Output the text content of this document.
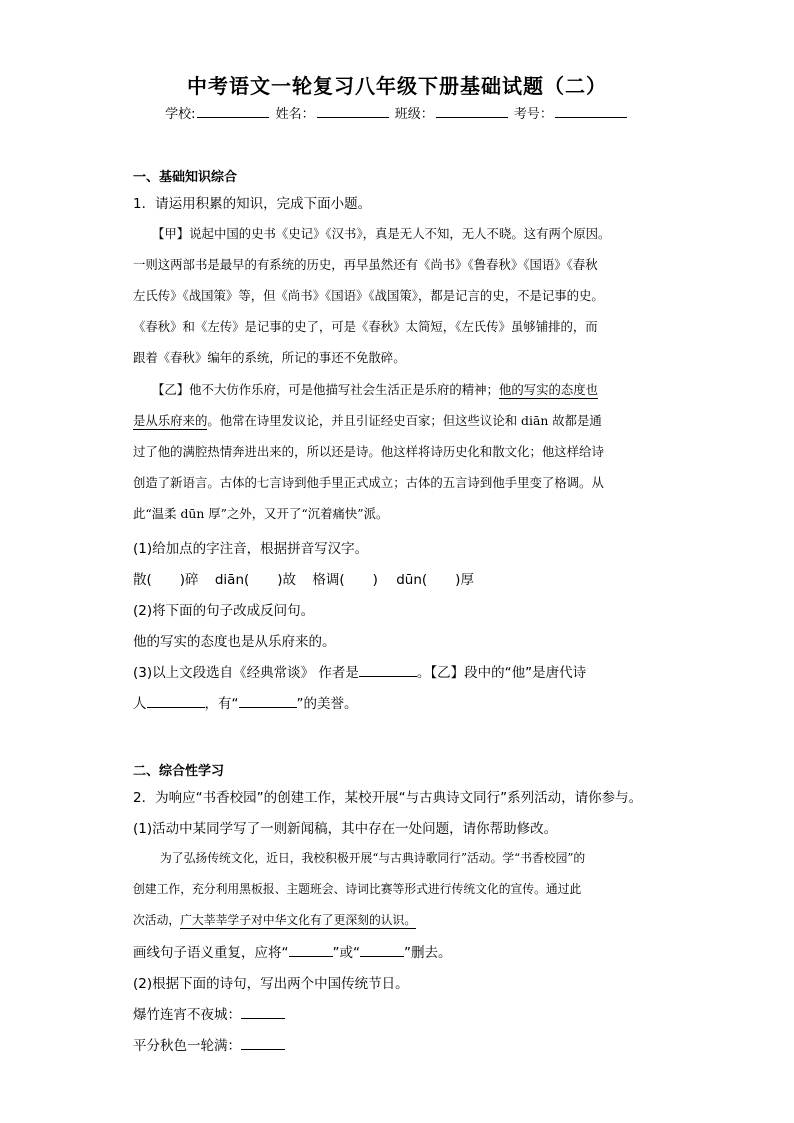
中考语文一轮复习八年级下册基础试题（二）
学校:	姓名：	班级：	考号：
一、基础知识综合
1．请运用积累的知识，完成下面小题。
【甲】说起中国的史书《史记》《汉书》，真是无人不知，无人不晓。这有两个原因。
一则这两部书是最早的有系统的历史，再早虽然还有《尚书》《鲁春秋》《国语》《春秋
左氏传》《战国策》等，但《尚书》《国语》《战国策》，都是记言的史，不是记事的史。
《春秋》和《左传》是记事的史了，可是《春秋》太简短，《左氏传》虽够铺排的，而
跟着《春秋》编年的系统，所记的事还不免散碎。
【乙】他不大仿作乐府，可是他描写社会生活正是乐府的精神；他的写实的态度也
是从乐府来的。他常在诗里发议论，并且引证经史百家；但这些议论和 diān 故都是通
过了他的满腔热情奔进出来的，所以还是诗。他这样将诗历史化和散文化；他这样给诗
创造了新语言。古体的七言诗到他手里正式成立；古体的五言诗到他手里变了格调。从
此“温柔 dūn 厚”之外，又开了“沉着痛快”派。
(1)给加点的字注音，根据拼音写汉字。
散( )碎 diān( )故 格调( ) dūn( )厚
(2)将下面的句子改成反问句。
他的写实的态度也是从乐府来的。
(3)以上文段选自《经典常谈》 作者是	。【乙】段中的“他”是唐代诗
人	，有“	”的美誉。
二、综合性学习
2．为响应“书香校园”的创建工作，某校开展“与古典诗文同行”系列活动，请你参与。
(1)活动中某同学写了一则新闻稿，其中存在一处问题，请你帮助修改。
为了弘扬传统文化，近日，我校积极开展“与古典诗歌同行”活动。学“书香校园”的
创建工作，充分利用黑板报、主题班会、诗词比赛等形式进行传统文化的宣传。通过此
次活动，广大莘莘学子对中华文化有了更深刻的认识。
画线句子语义重复，应将“	”或“	”删去。
(2)根据下面的诗句，写出两个中国传统节日。
爆竹连宵不夜城：
平分秋色一轮满：
